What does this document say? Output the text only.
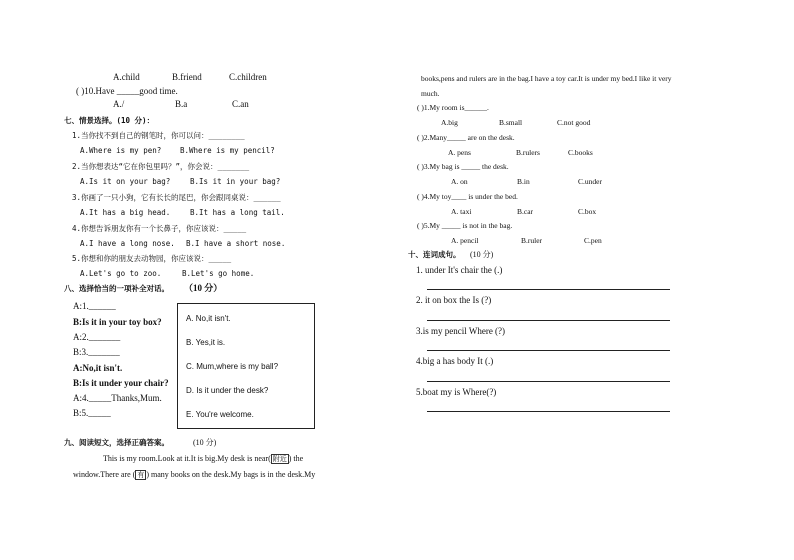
A.child	B.friend	C.children
( )10.Have _____good time.
A./	B.a	C.an
七、情景选择。(10 分)：
1.当你找不到自己的钢笔时，你可以问：________
A.Where is my pen? B.Where is my pencil?
2.当你想表达“它在你包里吗？”，你会说：_______
A.Is it on your bag?	B.Is it in your bag?
3.你画了一只小狗，它有长长的尾巴，你会跟同桌说：______
A.It has a big head.	B.It has a long tail.
4.你想告诉朋友你有一个长鼻子，你应该说：_____
A.I have a long nose. B.I have a short nose.
5.你想和你的朋友去动物园，你应该说：_____
A.Let's go to zoo.	B.Let's go home.
八、选择恰当的一项补全对话。 （10 分）
A:1.______
B:Is it in your toy box?
A:2._______
B:3._______
A:No,it isn't.
B:Is it under your chair?
A:4._____Thanks,Mum.
B:5._____
A. No,it isn't.
B. Yes,it is.
C. Mum,where is my ball?
D. Is it under the desk?
E. You're welcome.
九、阅读短文，选择正确答案。	(10 分)
This is my room.Look at it.It is big.My desk is near( 附近 ) the
window.There are ( 有 ) many books on the desk.My bags is in the desk.My
books,pens and rulers are in the bag.I have a toy car.It is under my bed.I like it very
much.
( )1.My room is______.
A.big	B.small	C.not good
( )2.Many_____ are on the desk.
A. pens	B.rulers	C.books
( )3.My bag is _____ the desk.
A. on	B.in	C.under
( )4.My toy____ is under the bed.
A. taxi	B.car	C.box
( )5.My _____ is not in the bag.
A. pencil	B.ruler	C.pen
十、连词成句。 (10 分)
1. under It's chair the (.)
2. it on box the Is (?)
3.is my pencil Where (?)
4.big a has body It (.)
5.boat my is Where(?)
